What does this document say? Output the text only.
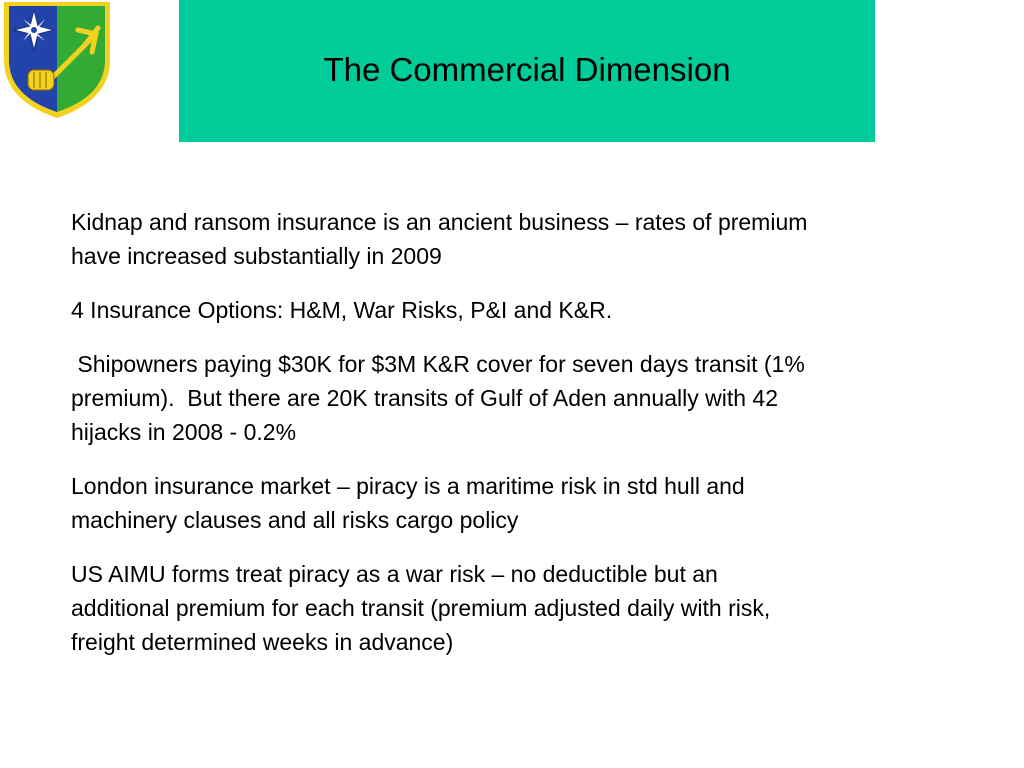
The Commercial Dimension

Kidnap and ransom insurance is an ancient business – rates of premium have increased substantially in 2009

4 Insurance Options: H&M, War Risks, P&I and K&R.

Shipowners paying $30K for $3M K&R cover for seven days transit (1% premium).  But there are 20K transits of Gulf of Aden annually with 42 hijacks in 2008 - 0.2%

London insurance market – piracy is a maritime risk in std hull and machinery clauses and all risks cargo policy

US AIMU forms treat piracy as a war risk – no deductible but an additional premium for each transit (premium adjusted daily with risk, freight determined weeks in advance)
